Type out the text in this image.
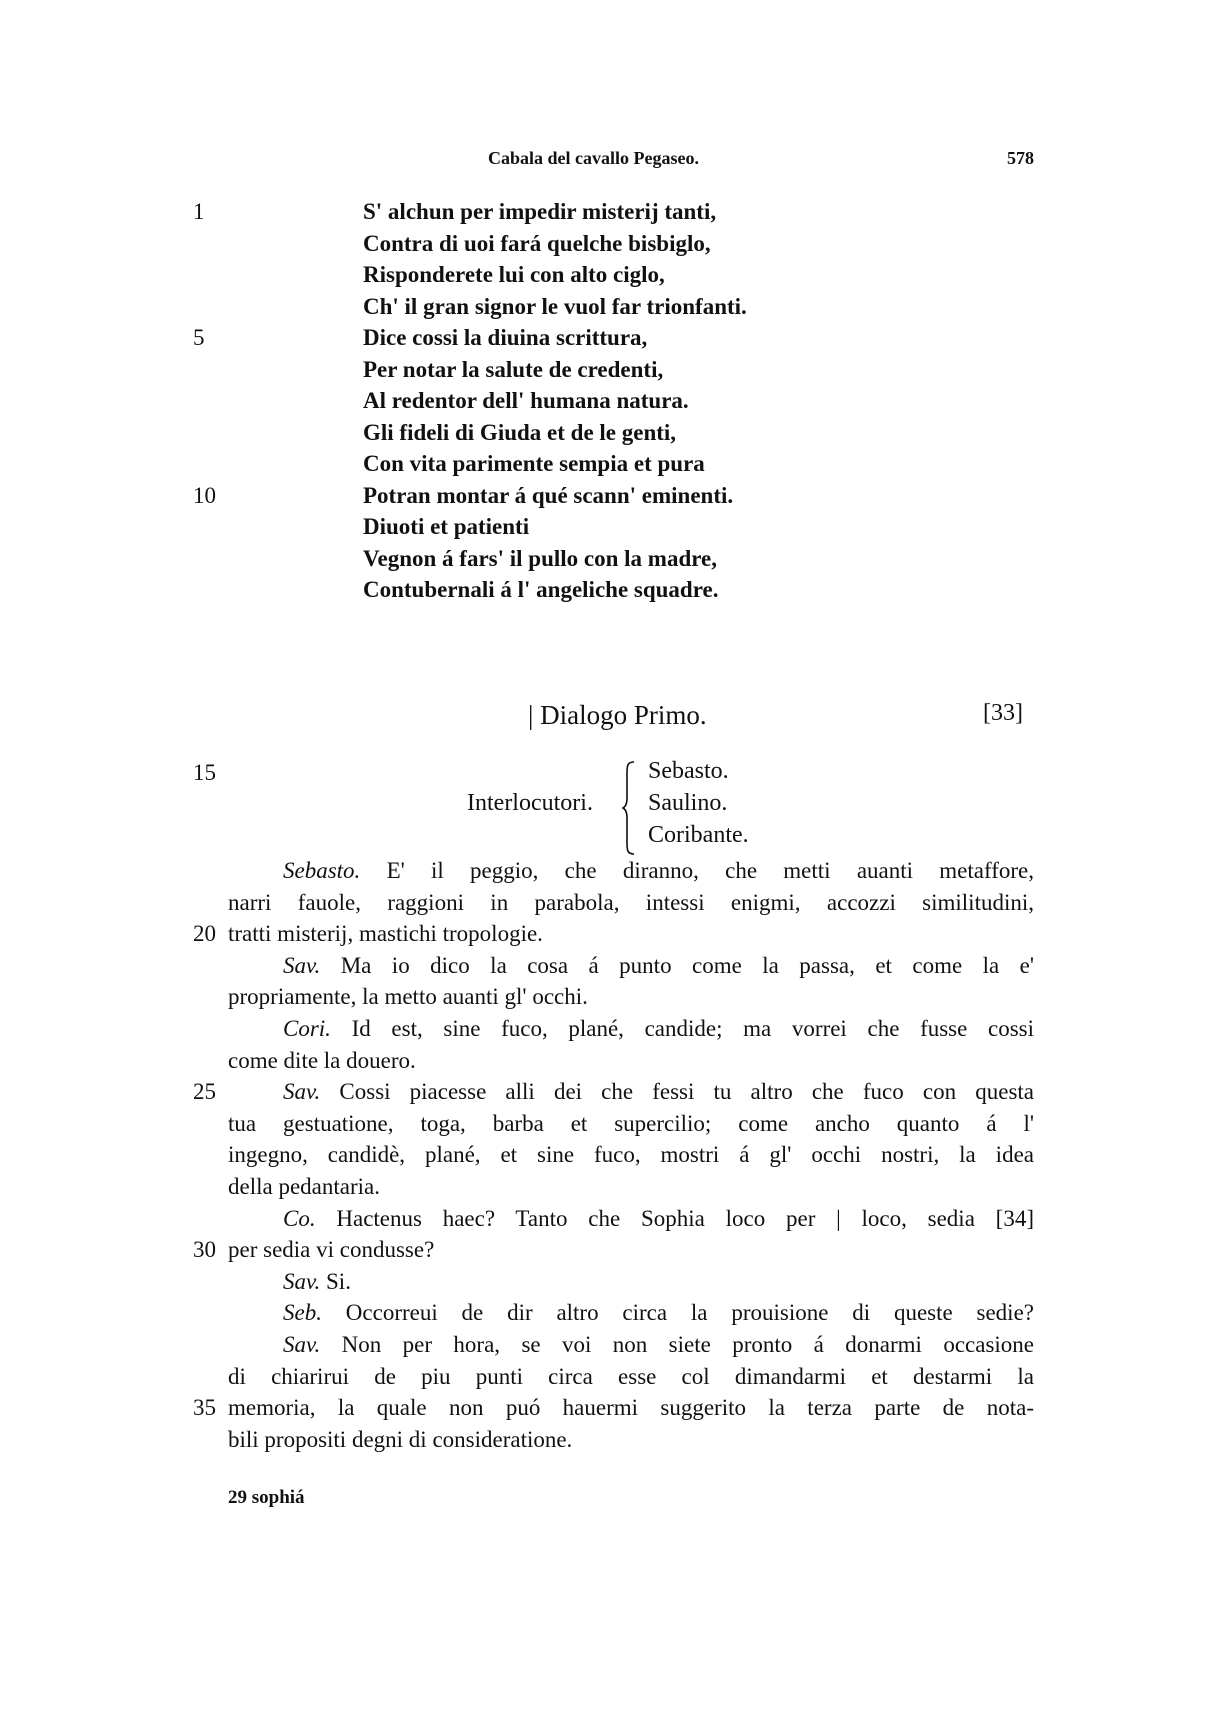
Cabala del cavallo Pegaseo.	578
1	S' alchun per impedir misterij tanti,
Contra di uoi fará quelche bisbiglo,
Risponderete lui con alto ciglo,
Ch' il gran signor le vuol far trionfanti.
5	Dice cossi la diuina scrittura,
Per notar la salute de credenti,
Al redentor dell' humana natura.
Gli fideli di Giuda et de le genti,
Con vita parimente sempia et pura
10	Potran montar á qué scann' eminenti.
Diuoti et patienti
Vegnon á fars' il pullo con la madre,
Contubernali á l' angeliche squadre.
| Dialogo Primo.	[33]
15
Interlocutori.
Sebasto.
Saulino.
Coribante.
Sebasto. E' il peggio, che diranno, che metti auanti metaffore,
narri fauole, raggioni in parabola, intessi enigmi, accozzi similitudini,
20 tratti misterij, mastichi tropologie.
Sav. Ma io dico la cosa á punto come la passa, et come la e'
propriamente, la metto auanti gl' occhi.
Cori. Id est, sine fuco, plané, candide; ma vorrei che fusse cossi
come dite la douero.
25	Sav. Cossi piacesse alli dei che fessi tu altro che fuco con questa
tua gestuatione, toga, barba et supercilio; come ancho quanto á l'
ingegno, candidè, plané, et sine fuco, mostri á gl' occhi nostri, la idea
della pedantaria.
Co. Hactenus haec? Tanto che Sophia loco per | loco, sedia [34]
30 per sedia vi condusse?
Sav. Si.
Seb. Occorreui de dir altro circa la prouisione di queste sedie?
Sav. Non per hora, se voi non siete pronto á donarmi occasione
di chiarirui de piu punti circa esse col dimandarmi et destarmi la
35 memoria, la quale non puó hauermi suggerito la terza parte de nota-
bili propositi degni di consideratione.
29 sophiá
